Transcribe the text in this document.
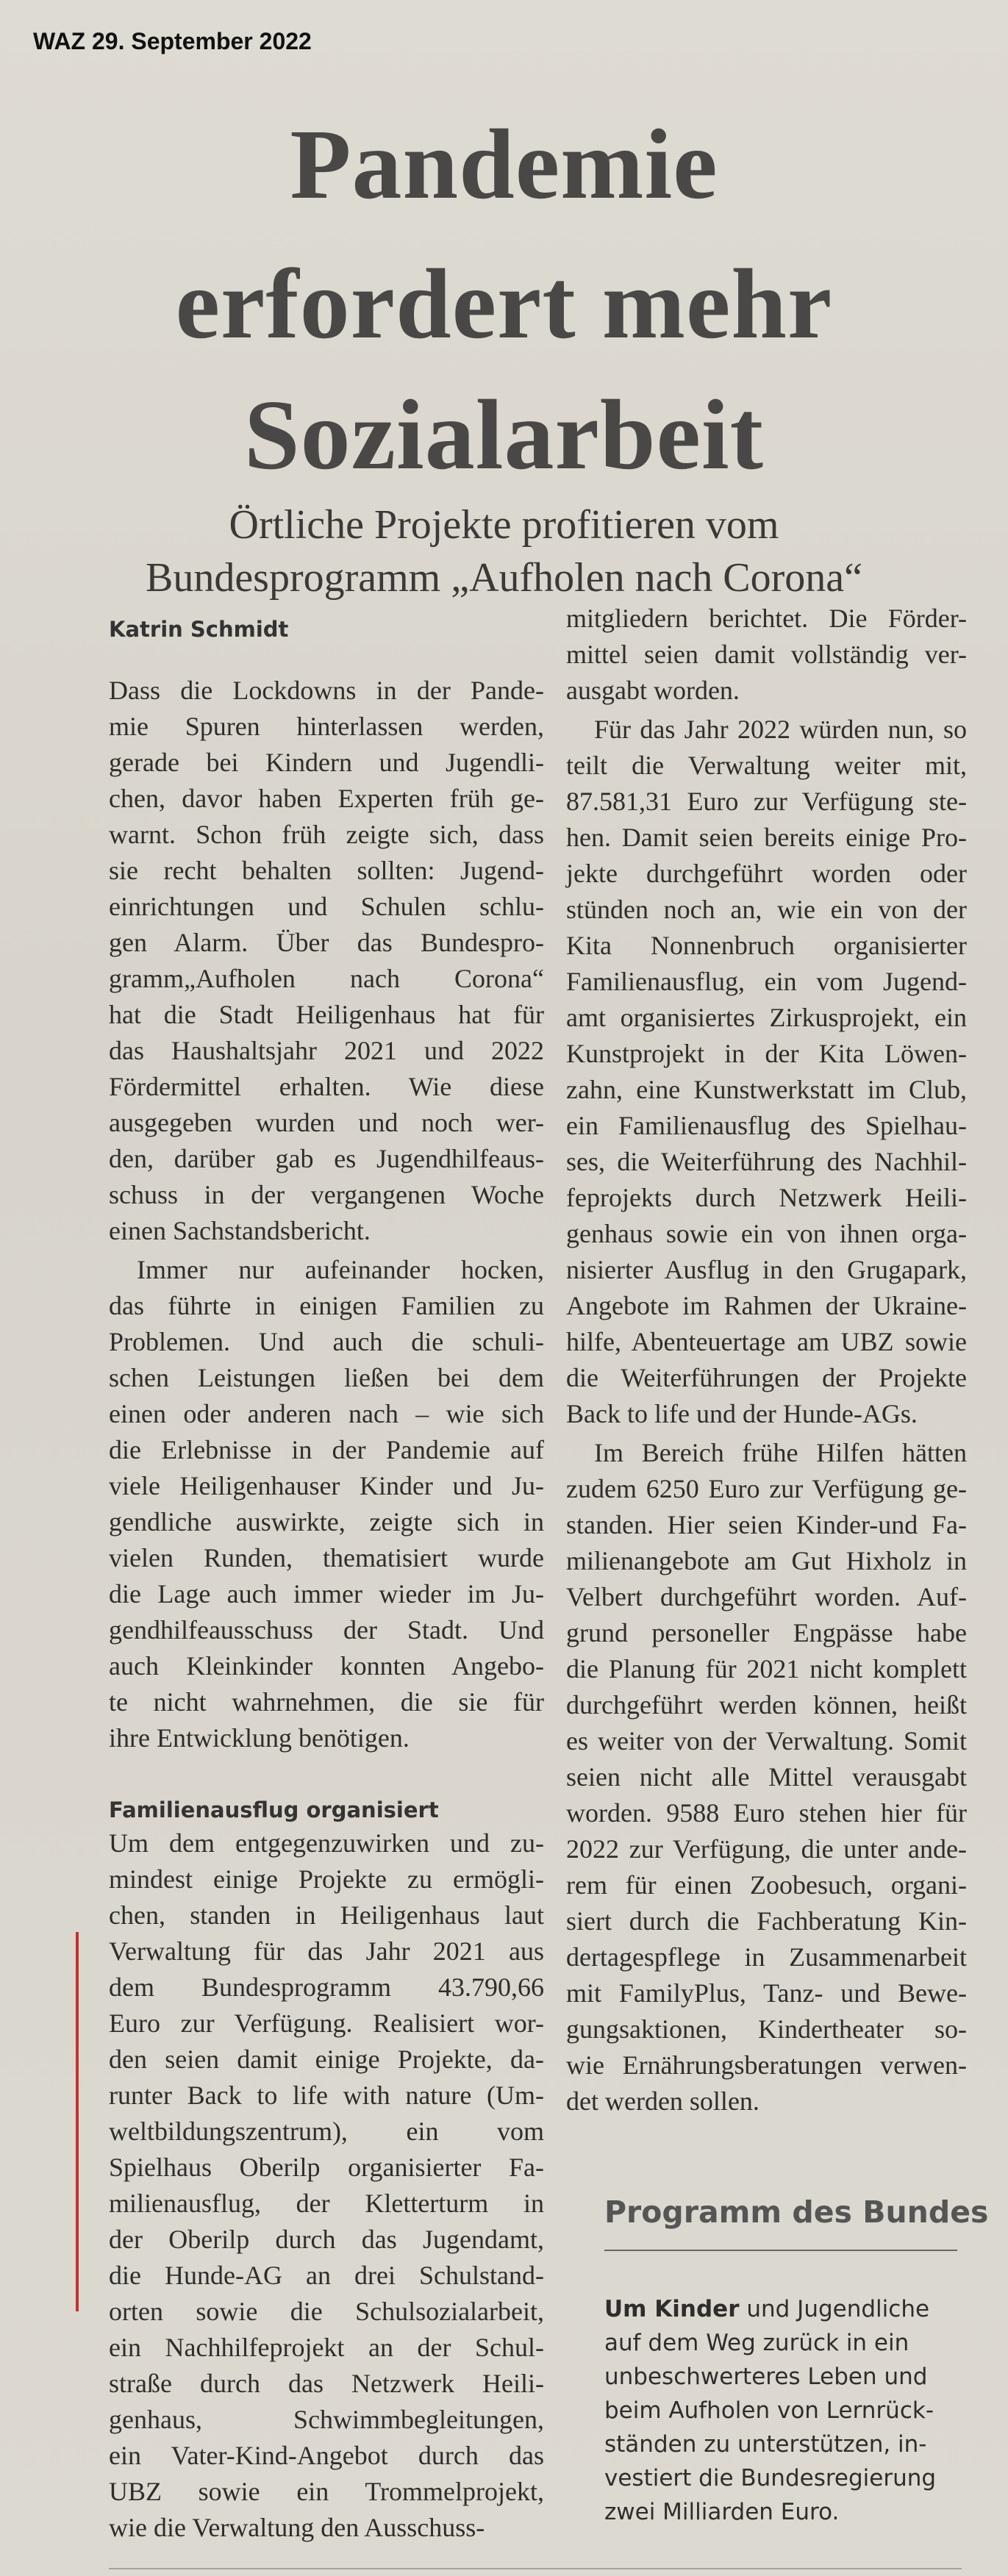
WAZ 29. September 2022
Pandemie
erfordert mehr
Sozialarbeit
Örtliche Projekte profitieren vom
Bundesprogramm „Aufholen nach Corona“
Katrin Schmidt
Dass die Lockdowns in der Pande-
mie Spuren hinterlassen werden,
gerade bei Kindern und Jugendli-
chen, davor haben Experten früh ge-
warnt. Schon früh zeigte sich, dass
sie recht behalten sollten: Jugend-
einrichtungen und Schulen schlu-
gen Alarm. Über das Bundespro-
gramm„Aufholen nach Corona“
hat die Stadt Heiligenhaus hat für
das Haushaltsjahr 2021 und 2022
Fördermittel erhalten. Wie diese
ausgegeben wurden und noch wer-
den, darüber gab es Jugendhilfeaus-
schuss in der vergangenen Woche
einen Sachstandsbericht.
Immer nur aufeinander hocken,
das führte in einigen Familien zu
Problemen. Und auch die schuli-
schen Leistungen ließen bei dem
einen oder anderen nach – wie sich
die Erlebnisse in der Pandemie auf
viele Heiligenhauser Kinder und Ju-
gendliche auswirkte, zeigte sich in
vielen Runden, thematisiert wurde
die Lage auch immer wieder im Ju-
gendhilfeausschuss der Stadt. Und
auch Kleinkinder konnten Angebo-
te nicht wahrnehmen, die sie für
ihre Entwicklung benötigen.
Familienausflug organisiert
Um dem entgegenzuwirken und zu-
mindest einige Projekte zu ermögli-
chen, standen in Heiligenhaus laut
Verwaltung für das Jahr 2021 aus
dem Bundesprogramm 43.790,66
Euro zur Verfügung. Realisiert wor-
den seien damit einige Projekte, da-
runter Back to life with nature (Um-
weltbildungszentrum), ein vom
Spielhaus Oberilp organisierter Fa-
milienausflug, der Kletterturm in
der Oberilp durch das Jugendamt,
die Hunde-AG an drei Schulstand-
orten sowie die Schulsozialarbeit,
ein Nachhilfeprojekt an der Schul-
straße durch das Netzwerk Heili-
genhaus, Schwimmbegleitungen,
ein Vater-Kind-Angebot durch das
UBZ sowie ein Trommelprojekt,
wie die Verwaltung den Ausschuss-
mitgliedern berichtet. Die Förder-
mittel seien damit vollständig ver-
ausgabt worden.
Für das Jahr 2022 würden nun, so
teilt die Verwaltung weiter mit,
87.581,31 Euro zur Verfügung ste-
hen. Damit seien bereits einige Pro-
jekte durchgeführt worden oder
stünden noch an, wie ein von der
Kita Nonnenbruch organisierter
Familienausflug, ein vom Jugend-
amt organisiertes Zirkusprojekt, ein
Kunstprojekt in der Kita Löwen-
zahn, eine Kunstwerkstatt im Club,
ein Familienausflug des Spielhau-
ses, die Weiterführung des Nachhil-
feprojekts durch Netzwerk Heili-
genhaus sowie ein von ihnen orga-
nisierter Ausflug in den Grugapark,
Angebote im Rahmen der Ukraine-
hilfe, Abenteuertage am UBZ sowie
die Weiterführungen der Projekte
Back to life und der Hunde-AGs.
Im Bereich frühe Hilfen hätten
zudem 6250 Euro zur Verfügung ge-
standen. Hier seien Kinder-und Fa-
milienangebote am Gut Hixholz in
Velbert durchgeführt worden. Auf-
grund personeller Engpässe habe
die Planung für 2021 nicht komplett
durchgeführt werden können, heißt
es weiter von der Verwaltung. Somit
seien nicht alle Mittel verausgabt
worden. 9588 Euro stehen hier für
2022 zur Verfügung, die unter ande-
rem für einen Zoobesuch, organi-
siert durch die Fachberatung Kin-
dertagespflege in Zusammenarbeit
mit FamilyPlus, Tanz- und Bewe-
gungsaktionen, Kindertheater so-
wie Ernährungsberatungen verwen-
det werden sollen.
Programm des Bundes
Um Kinder und Jugendliche
auf dem Weg zurück in ein
unbeschwerteres Leben und
beim Aufholen von Lernrück-
ständen zu unterstützen, in-
vestiert die Bundesregierung
zwei Milliarden Euro.
